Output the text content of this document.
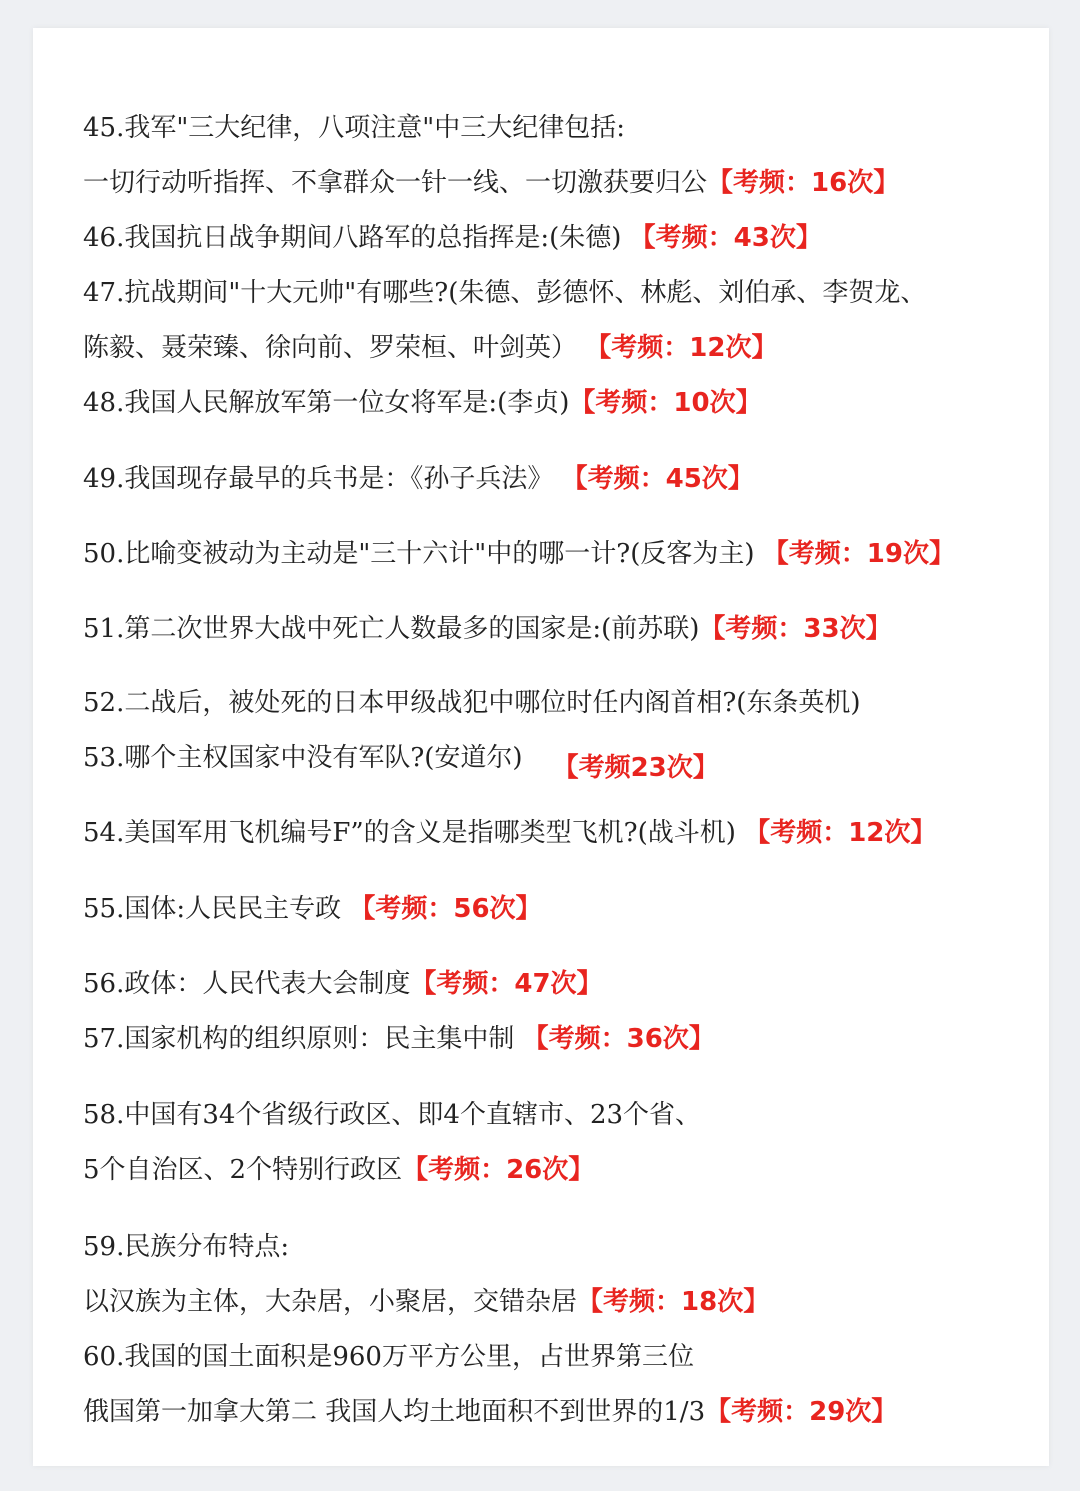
45.我军"三大纪律，八项注意"中三大纪律包括:
一切行动听指挥、不拿群众一针一线、一切激获要归公【考频：16次】
46.我国抗日战争期间八路军的总指挥是:(朱德) 【考频：43次】
47.抗战期间"十大元帅"有哪些?(朱德、彭德怀、林彪、刘伯承、李贺龙、
陈毅、聂荣臻、徐向前、罗荣桓、叶剑英） 【考频：12次】
48.我国人民解放军第一位女将军是:(李贞)【考频：10次】
49.我国现存最早的兵书是：《孙子兵法》 【考频：45次】
50.比喻变被动为主动是"三十六计"中的哪一计?(反客为主) 【考频：19次】
51.第二次世界大战中死亡人数最多的国家是:(前苏联)【考频：33次】
52.二战后，被处死的日本甲级战犯中哪位时任内阁首相?(东条英机)
53.哪个主权国家中没有军队?(安道尔) 【考频23次】
54.美国军用飞机编号F”的含义是指哪类型飞机?(战斗机) 【考频：12次】
55.国体:人民民主专政 【考频：56次】
56.政体：人民代表大会制度【考频：47次】
57.国家机构的组织原则：民主集中制 【考频：36次】
58.中国有34个省级行政区、即4个直辖市、23个省、
5个自治区、2个特别行政区【考频：26次】
59.民族分布特点:
以汉族为主体，大杂居，小聚居，交错杂居【考频：18次】
60.我国的国土面积是960万平方公里，占世界第三位
俄国第一加拿大第二 我国人均土地面积不到世界的1/3【考频：29次】
